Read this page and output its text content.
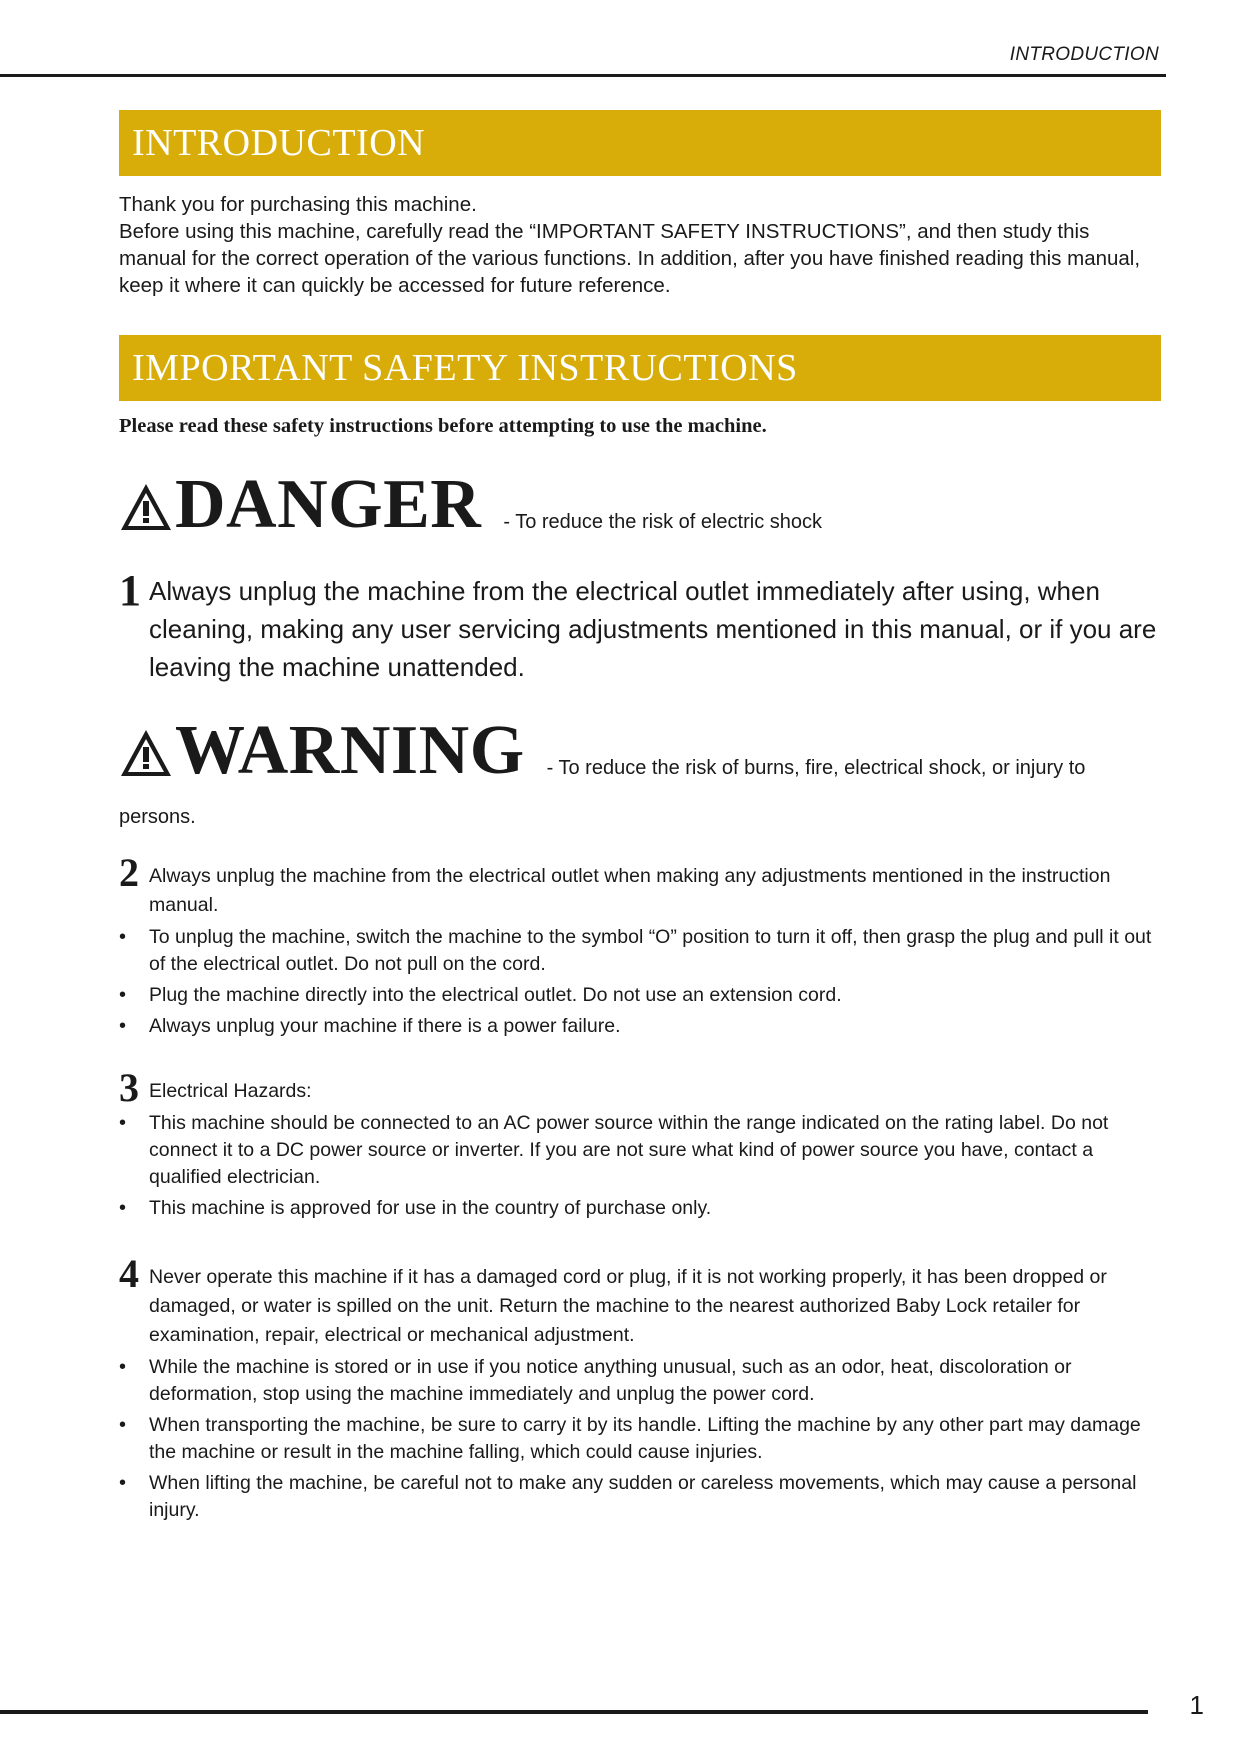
INTRODUCTION
INTRODUCTION

Thank you for purchasing this machine.

Before using this machine, carefully read the “IMPORTANT SAFETY INSTRUCTIONS”, and then study this manual for the correct operation of the various functions. In addition, after you have finished reading this manual, keep it where it can quickly be accessed for future reference.

IMPORTANT SAFETY INSTRUCTIONS
Please read these safety instructions before attempting to use the machine.
DANGER - To reduce the risk of electric shock
1 Always unplug the machine from the electrical outlet immediately after using, when cleaning, making any user servicing adjustments mentioned in this manual, or if you are leaving the machine unattended.
WARNING - To reduce the risk of burns, fire, electrical shock, or injury to
persons.
2 Always unplug the machine from the electrical outlet when making any adjustments mentioned in the instruction manual.
• To unplug the machine, switch the machine to the symbol “O” position to turn it off, then grasp the plug and pull it out of the electrical outlet. Do not pull on the cord.
• Plug the machine directly into the electrical outlet. Do not use an extension cord.
• Always unplug your machine if there is a power failure.
3 Electrical Hazards:
• This machine should be connected to an AC power source within the range indicated on the rating label. Do not connect it to a DC power source or inverter. If you are not sure what kind of power source you have, contact a qualified electrician.
• This machine is approved for use in the country of purchase only.
4 Never operate this machine if it has a damaged cord or plug, if it is not working properly, it has been dropped or damaged, or water is spilled on the unit. Return the machine to the nearest authorized Baby Lock retailer for examination, repair, electrical or mechanical adjustment.
• While the machine is stored or in use if you notice anything unusual, such as an odor, heat, discoloration or deformation, stop using the machine immediately and unplug the power cord.
• When transporting the machine, be sure to carry it by its handle. Lifting the machine by any other part may damage the machine or result in the machine falling, which could cause injuries.
• When lifting the machine, be careful not to make any sudden or careless movements, which may cause a personal injury.
1
